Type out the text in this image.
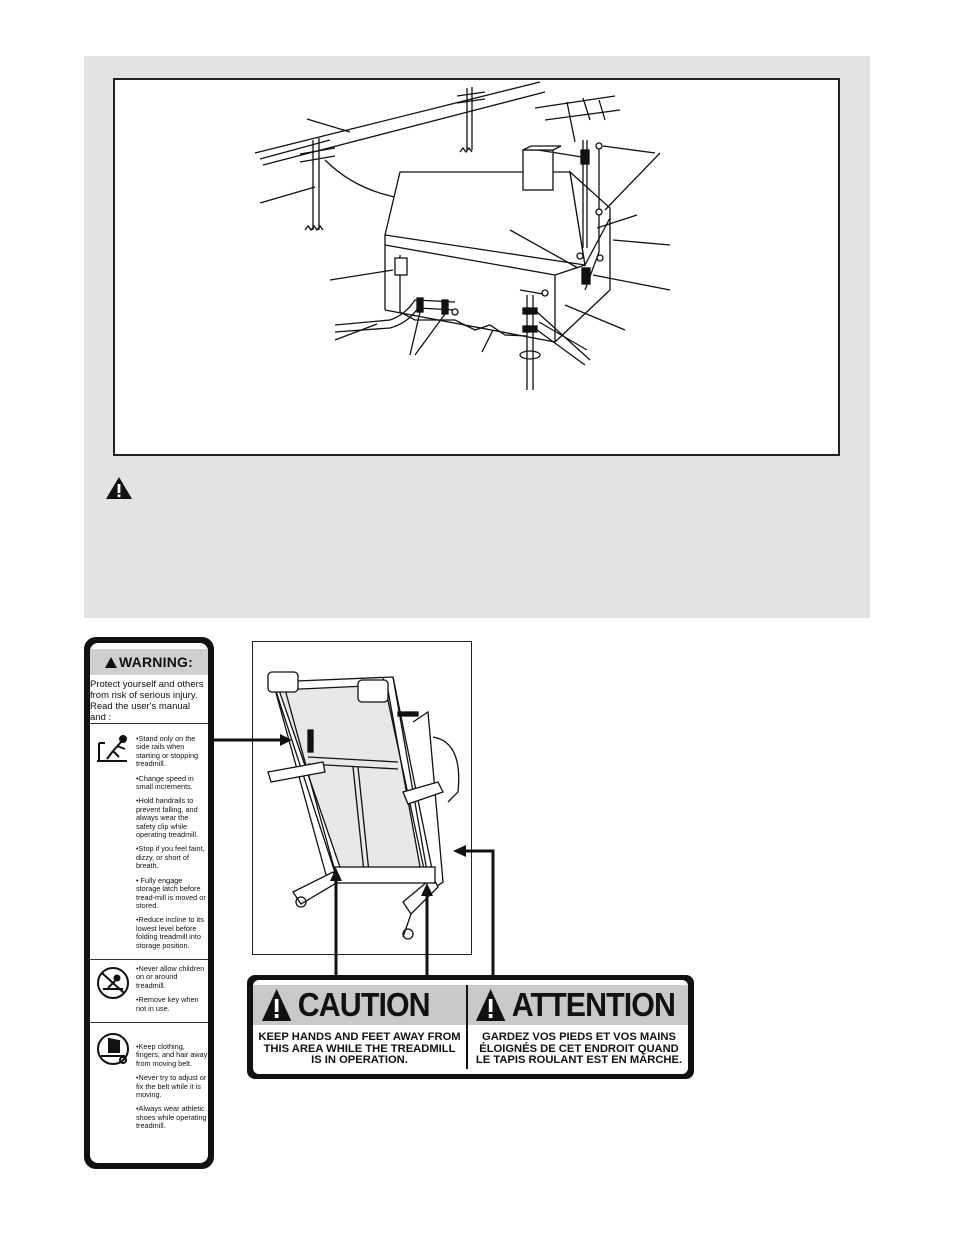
WARNING:
Protect yourself and others from risk of serious injury. Read the user's manual and :

•Stand only on the side rails when starting or stopping treadmill.

•Change speed in small increments.

•Hold handrails to prevent falling, and always wear the safety clip while operating treadmill.

•Stop if you feel faint, dizzy, or short of breath.

• Fully engage storage latch before tread-mill is moved or stored.

•Reduce incline to its lowest level before folding treadmill into storage position.

•Never allow children on or around treadmill.

•Remove key when not in use.

•Keep clothing, fingers, and hair away from moving belt.

•Never try to adjust or fix the belt while it is moving.

•Always wear athletic shoes while operating treadmill.

CAUTION ATTENTION
KEEP HANDS AND FEET AWAY FROM THIS AREA WHILE THE TREADMILL IS IN OPERATION.
GARDEZ VOS PIEDS ET VOS MAINS ÉLOIGNÉS DE CET ENDROIT QUAND LE TAPIS ROULANT EST EN MARCHE.
